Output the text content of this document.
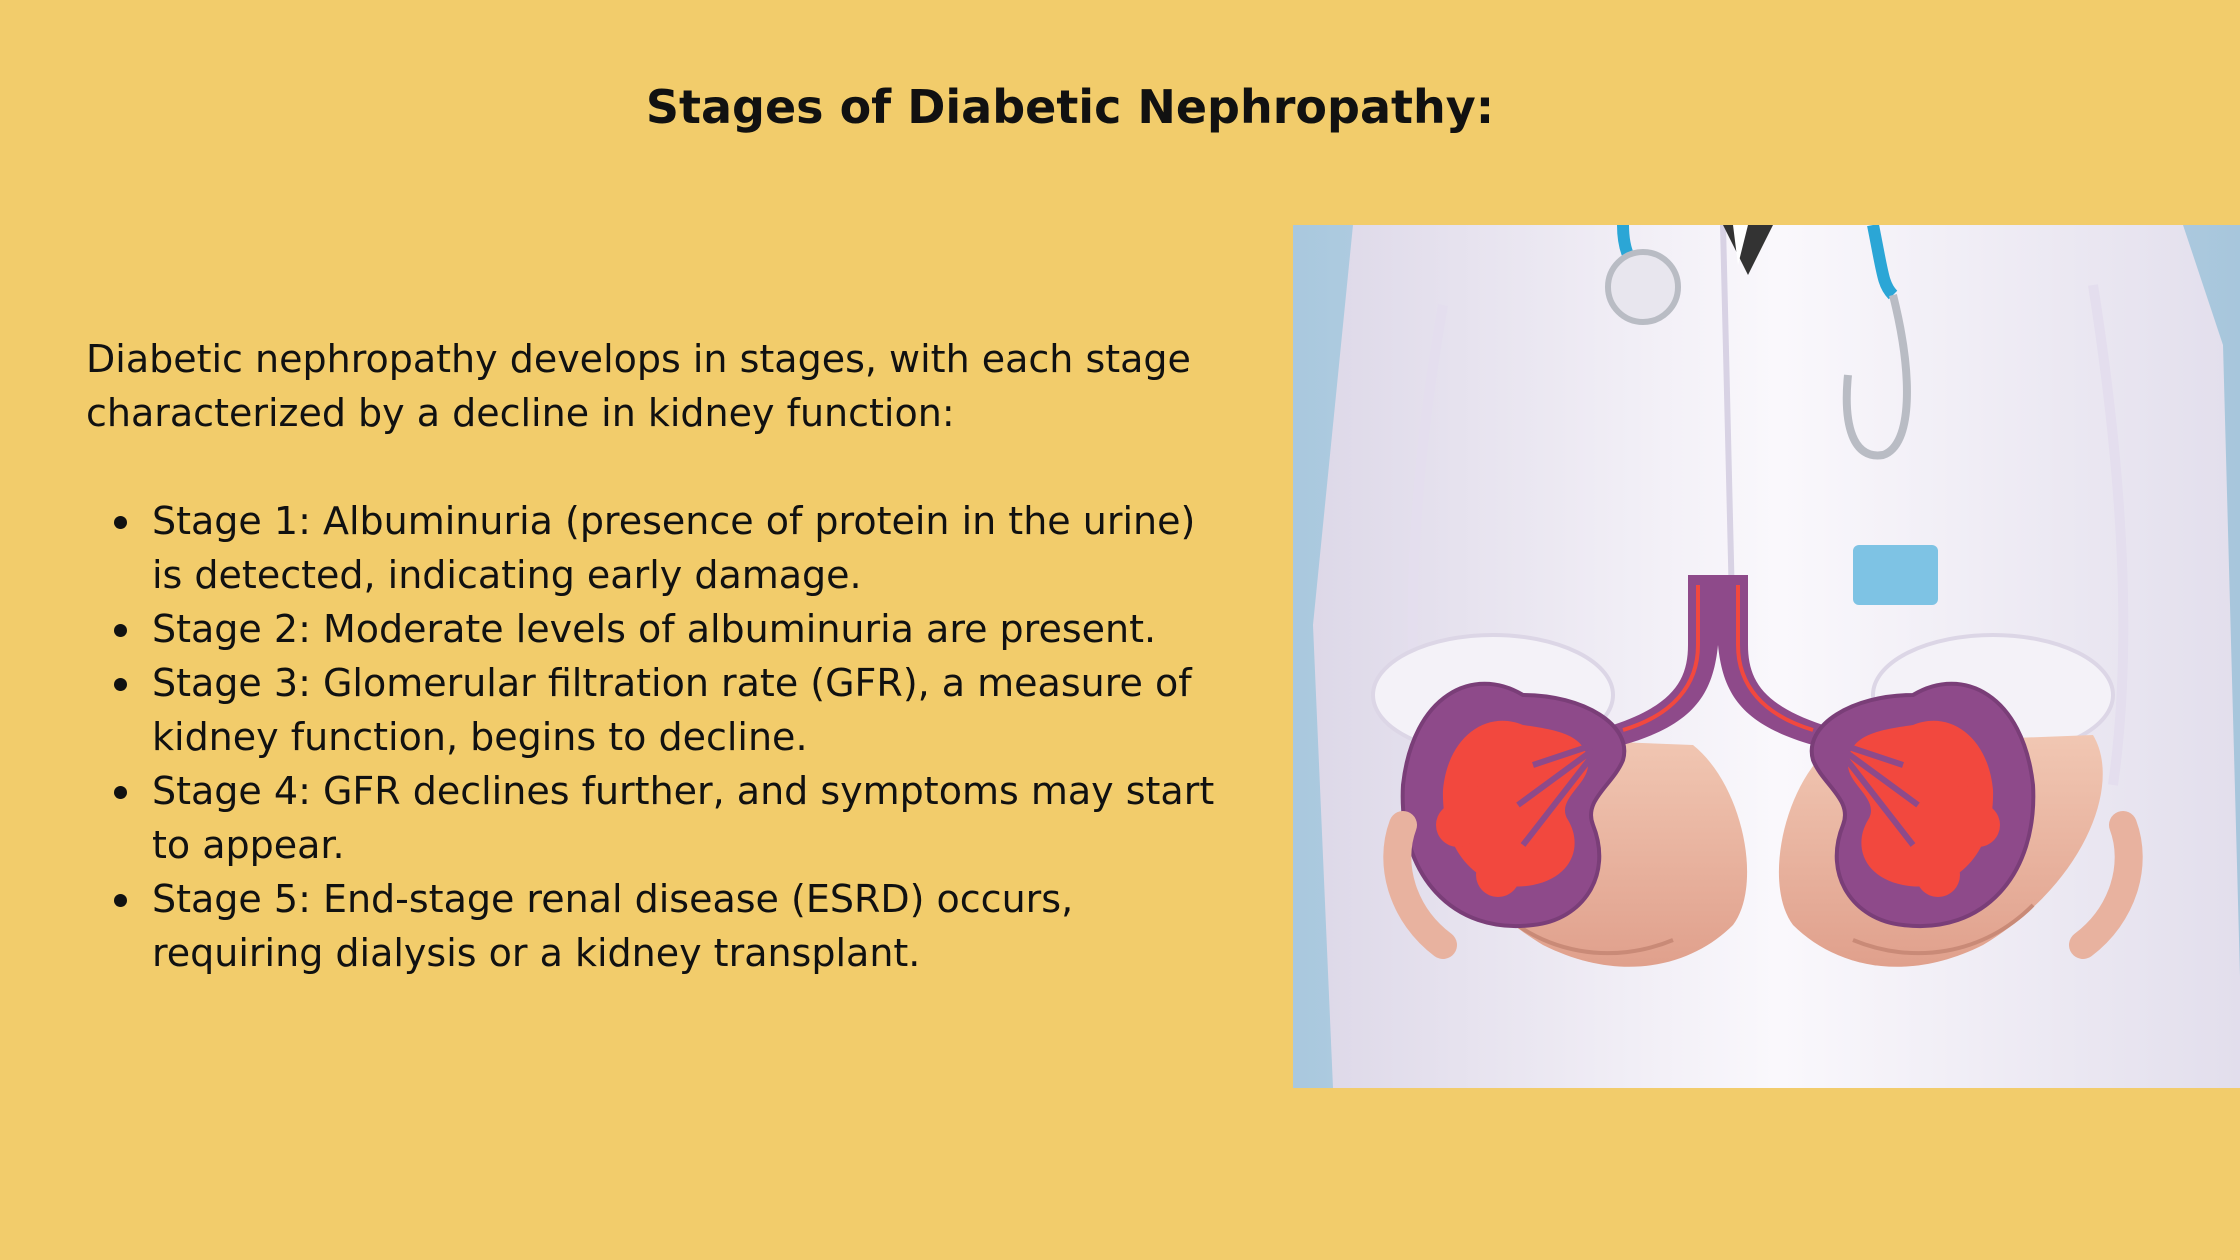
Stages of Diabetic Nephropathy:

Diabetic nephropathy develops in stages, with each stage characterized by a decline in kidney function:

Stage 1: Albuminuria (presence of protein in the urine) is detected, indicating early damage.
Stage 2: Moderate levels of albuminuria are present.
Stage 3: Glomerular filtration rate (GFR), a measure of kidney function, begins to decline.
Stage 4: GFR declines further, and symptoms may start to appear.
Stage 5: End-stage renal disease (ESRD) occurs, requiring dialysis or a kidney transplant.
